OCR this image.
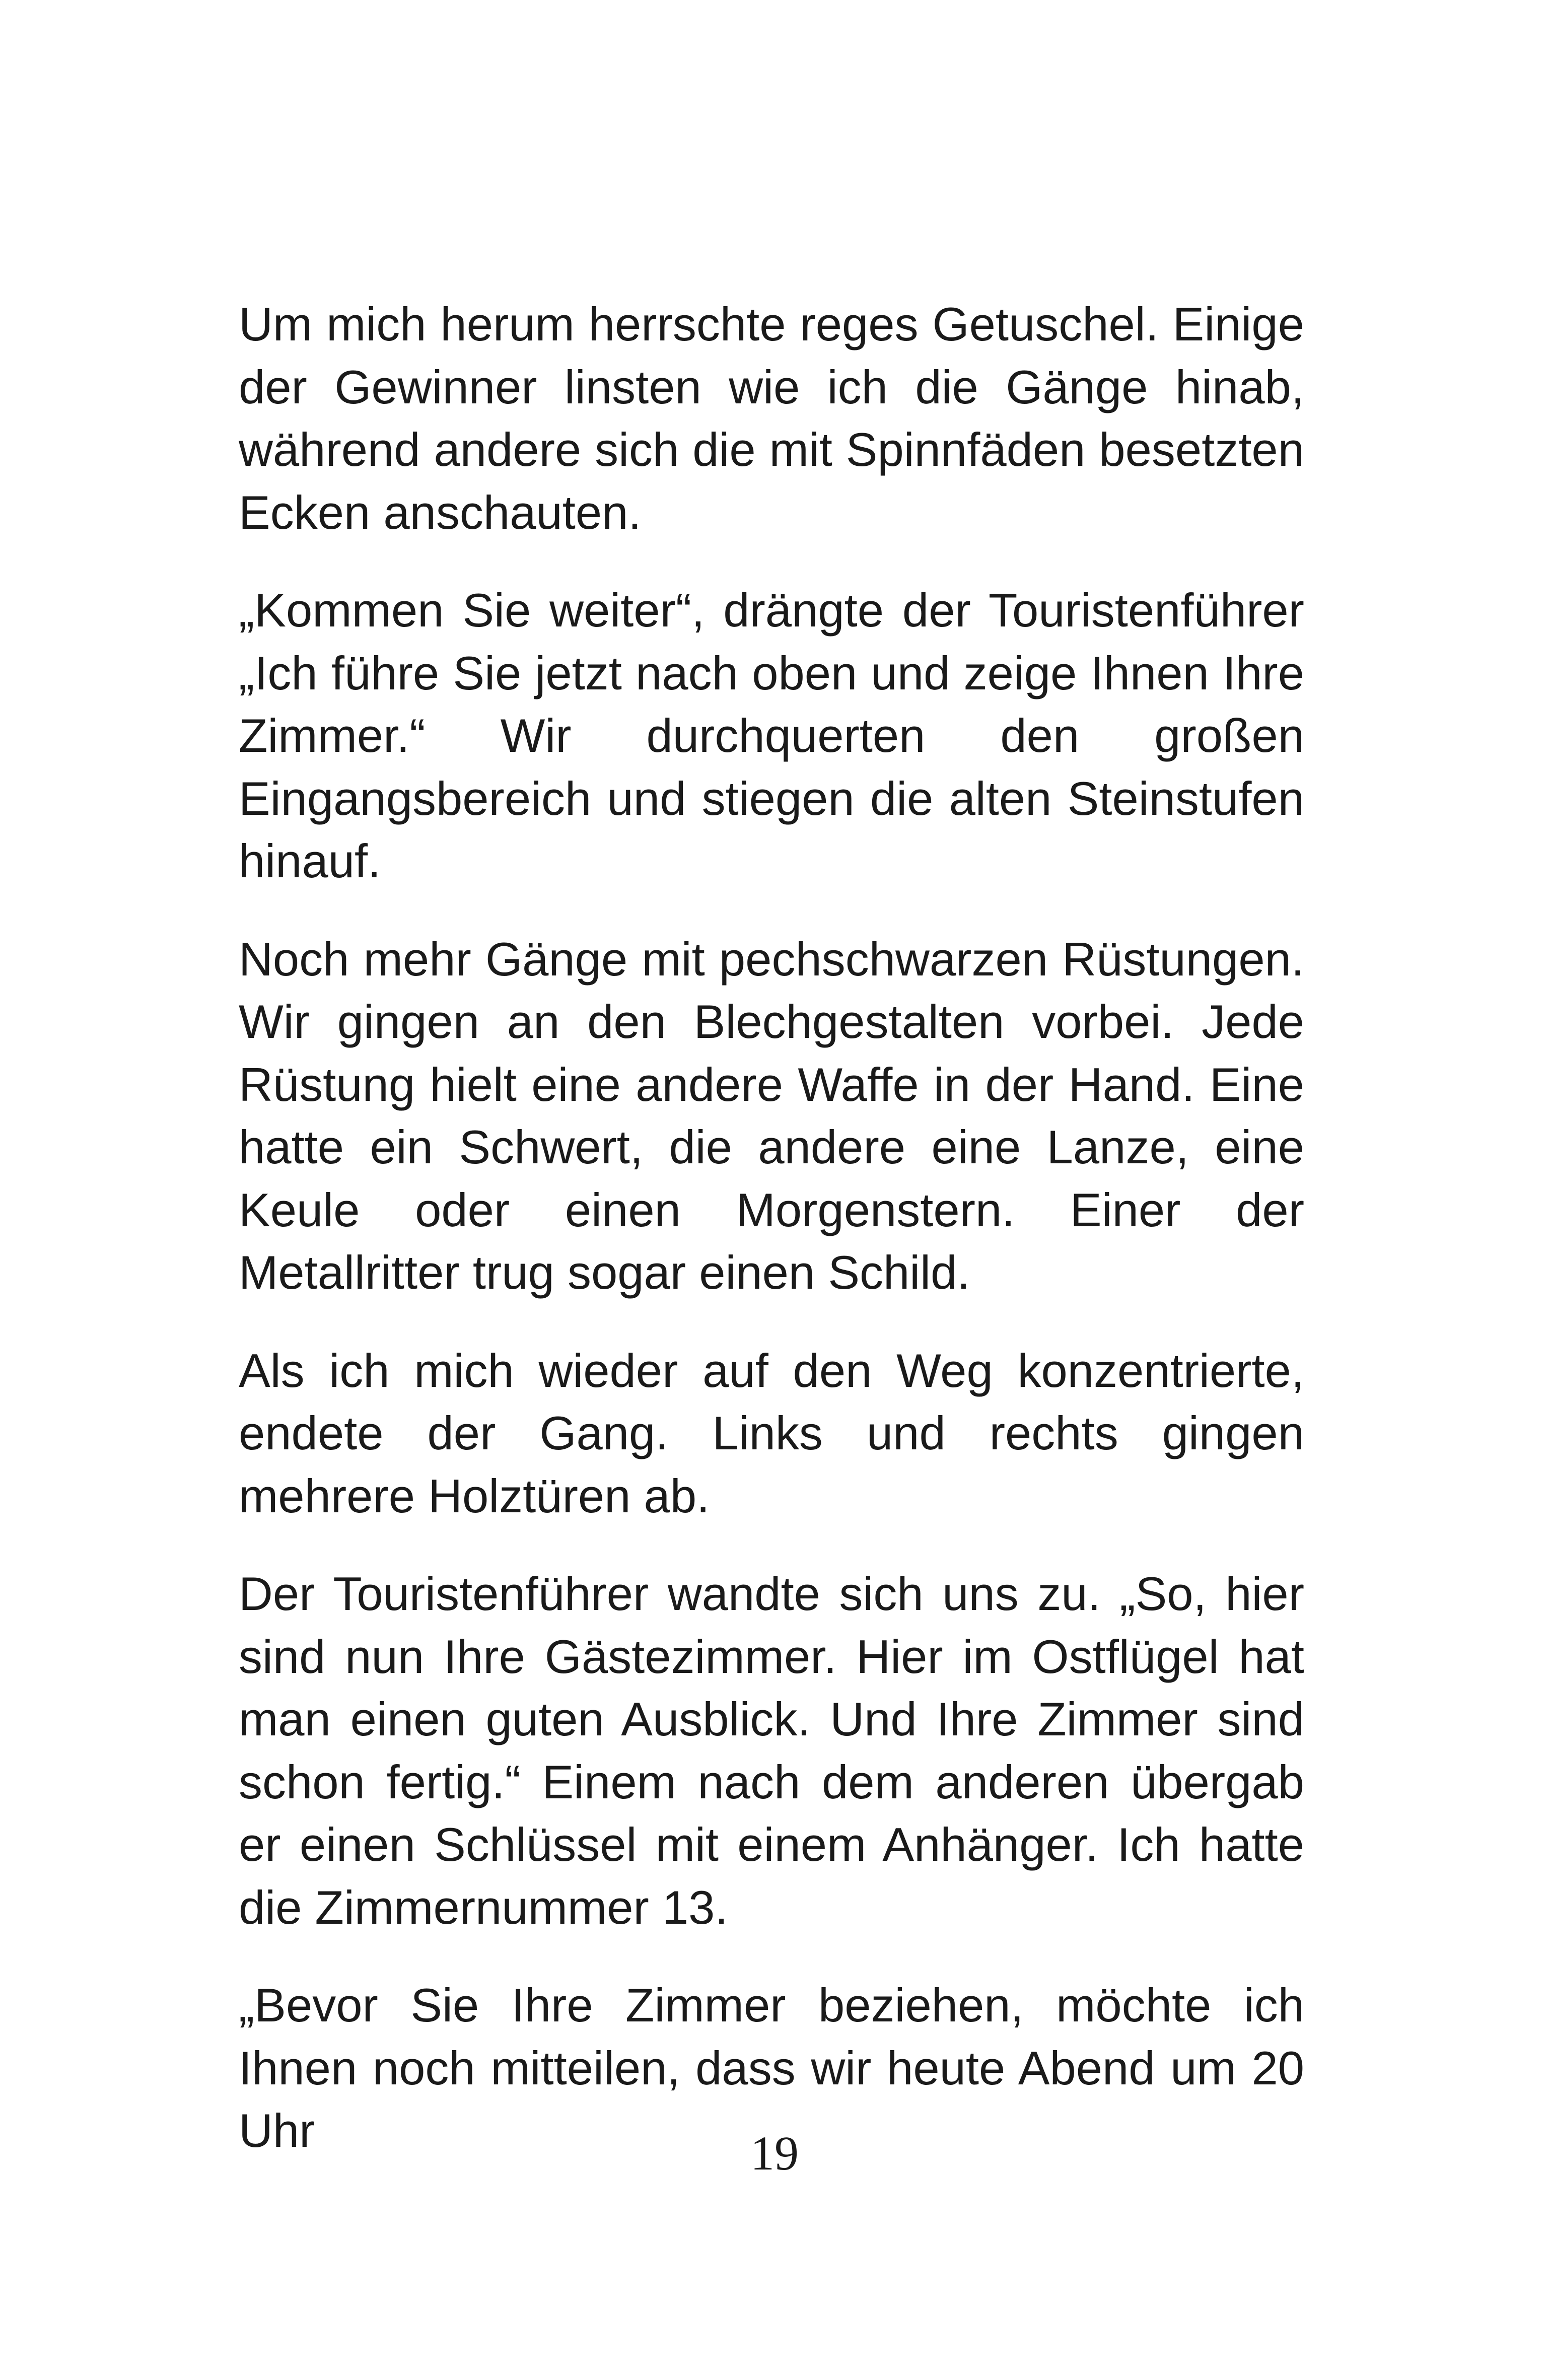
Um mich herum herrschte reges Getuschel. Einige der Gewinner linsten wie ich die Gänge hinab, während andere sich die mit Spinnfäden besetzten Ecken anschauten.

„Kommen Sie weiter“, drängte der Touristenführer „Ich führe Sie jetzt nach oben und zeige Ihnen Ihre Zimmer.“ Wir durchquerten den großen Eingangsbereich und stiegen die alten Steinstufen hinauf.

Noch mehr Gänge mit pechschwarzen Rüstungen. Wir gingen an den Blechgestalten vorbei. Jede Rüstung hielt eine andere Waffe in der Hand. Eine hatte ein Schwert, die andere eine Lanze, eine Keule oder einen Morgenstern. Einer der Metallritter trug sogar einen Schild.

Als ich mich wieder auf den Weg konzentrierte, endete der Gang. Links und rechts gingen mehrere Holztüren ab.

Der Touristenführer wandte sich uns zu. „So, hier sind nun Ihre Gästezimmer. Hier im Ostflügel hat man einen guten Ausblick. Und Ihre Zimmer sind schon fertig.“ Einem nach dem anderen übergab er einen Schlüssel mit einem Anhänger. Ich hatte die Zimmernummer 13.

„Bevor Sie Ihre Zimmer beziehen, möchte ich Ihnen noch mitteilen, dass wir heute Abend um 20 Uhr	19
